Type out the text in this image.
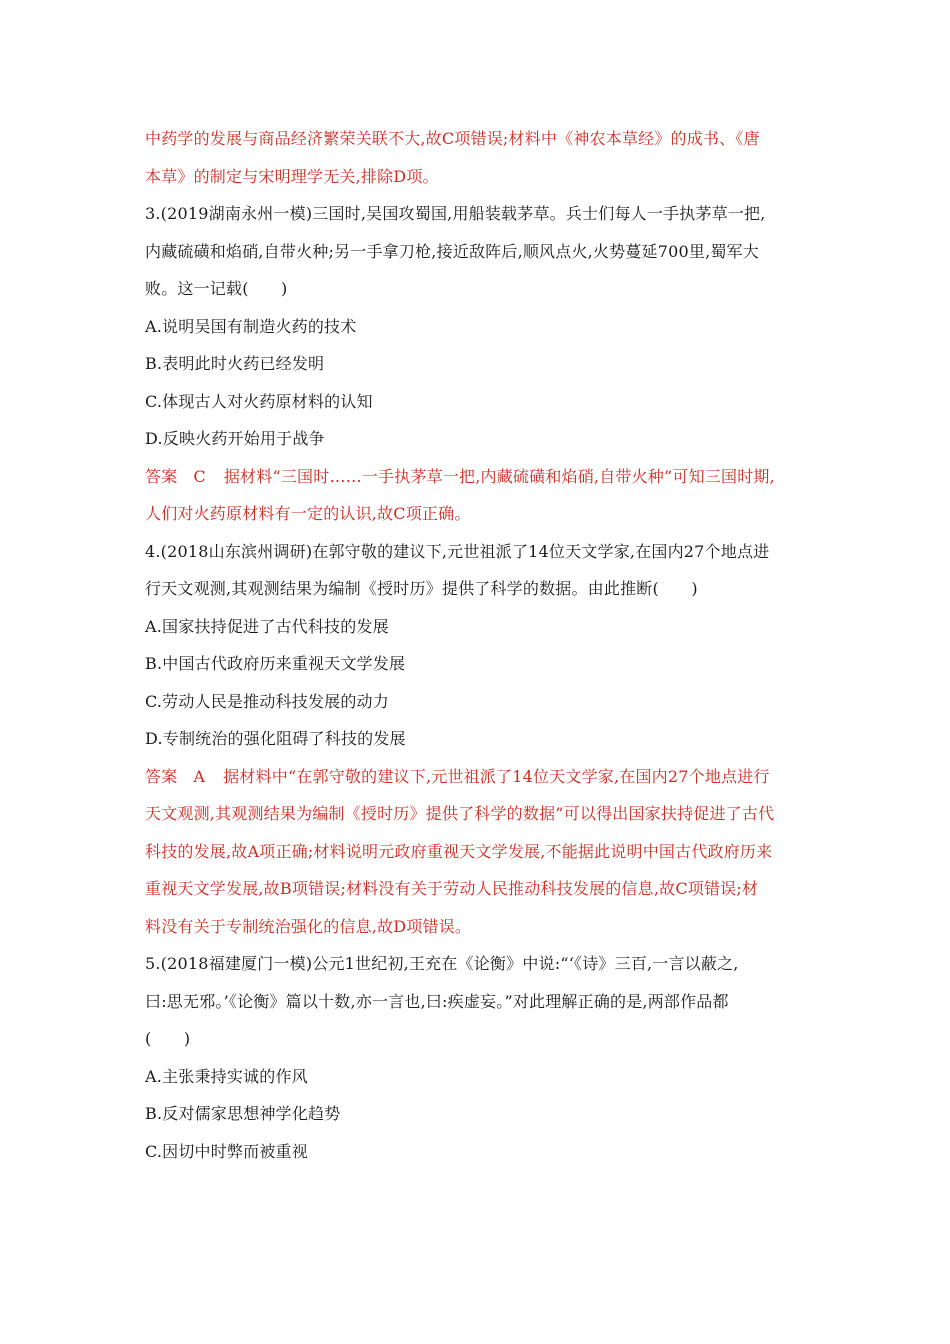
中药学的发展与商品经济繁荣关联不大,故C项错误;材料中《神农本草经》的成书、《唐
本草》的制定与宋明理学无关,排除D项。
3.(2019湖南永州一模)三国时,吴国攻蜀国,用船装载茅草。兵士们每人一手执茅草一把,
内藏硫磺和焰硝,自带火种;另一手拿刀枪,接近敌阵后,顺风点火,火势蔓延700里,蜀军大
败。这一记载(　　)
A.说明吴国有制造火药的技术
B.表明此时火药已经发明
C.体现古人对火药原材料的认知
D.反映火药开始用于战争
答案 C 据材料“三国时……一手执茅草一把,内藏硫磺和焰硝,自带火种”可知三国时期,
人们对火药原材料有一定的认识,故C项正确。
4.(2018山东滨州调研)在郭守敬的建议下,元世祖派了14位天文学家,在国内27个地点进
行天文观测,其观测结果为编制《授时历》提供了科学的数据。由此推断(　　)
A.国家扶持促进了古代科技的发展
B.中国古代政府历来重视天文学发展
C.劳动人民是推动科技发展的动力
D.专制统治的强化阻碍了科技的发展
答案 A 据材料中“在郭守敬的建议下,元世祖派了14位天文学家,在国内27个地点进行
天文观测,其观测结果为编制《授时历》提供了科学的数据”可以得出国家扶持促进了古代
科技的发展,故A项正确;材料说明元政府重视天文学发展,不能据此说明中国古代政府历来
重视天文学发展,故B项错误;材料没有关于劳动人民推动科技发展的信息,故C项错误;材
料没有关于专制统治强化的信息,故D项错误。
5.(2018福建厦门一模)公元1世纪初,王充在《论衡》中说:“‘《诗》三百,一言以蔽之,
曰:思无邪。’《论衡》篇以十数,亦一言也,曰:疾虚妄。”对此理解正确的是,两部作品都
(　　)
A.主张秉持实诚的作风
B.反对儒家思想神学化趋势
C.因切中时弊而被重视
